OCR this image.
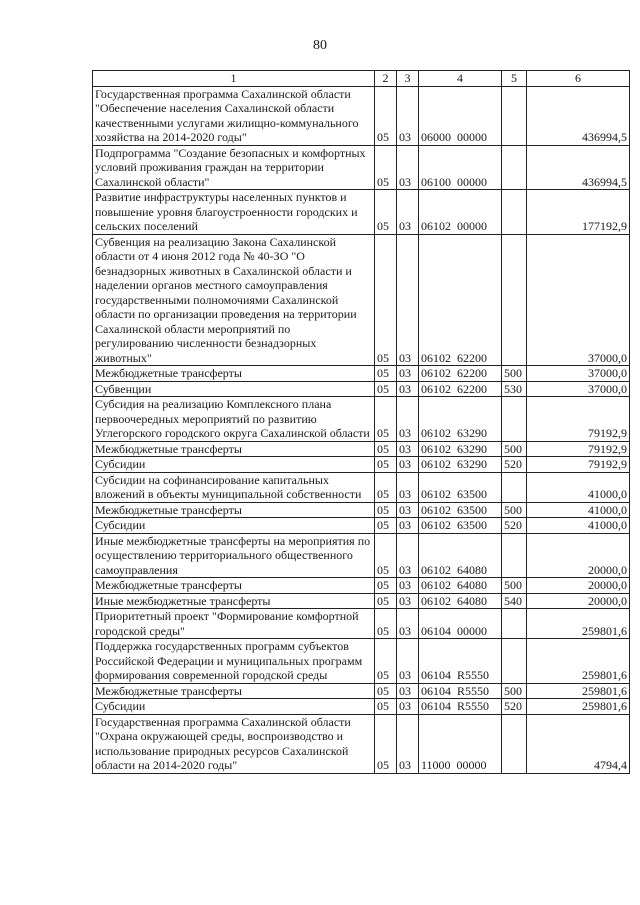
80
1	2	3	4	5	6
Государственная программа Сахалинской области "Обеспечение населения Сахалинской области качественными услугами жилищно-коммунального хозяйства на 2014-2020 годы"	05	03	06000  00000		436994,5
Подпрограмма "Создание безопасных и комфортных условий проживания граждан на территории Сахалинской области"	05	03	06100  00000		436994,5
Развитие инфраструктуры населенных пунктов и повышение уровня благоустроенности городских и сельских поселений	05	03	06102  00000		177192,9
Субвенция на реализацию Закона Сахалинской области от 4 июня 2012 года № 40-ЗО "О безнадзорных животных в Сахалинской области и наделении органов местного самоуправления государственными полномочиями Сахалинской области по организации проведения на территории Сахалинской области мероприятий по регулированию численности безнадзорных животных"	05	03	06102  62200		37000,0
Межбюджетные трансферты	05	03	06102  62200	500	37000,0
Субвенции	05	03	06102  62200	530	37000,0
Субсидия на реализацию Комплексного плана первоочередных мероприятий по развитию Углегорского городского округа Сахалинской области	05	03	06102  63290		79192,9
Межбюджетные трансферты	05	03	06102  63290	500	79192,9
Субсидии	05	03	06102  63290	520	79192,9
Субсидии на софинансирование капитальных вложений в объекты муниципальной собственности	05	03	06102  63500		41000,0
Межбюджетные трансферты	05	03	06102  63500	500	41000,0
Субсидии	05	03	06102  63500	520	41000,0
Иные межбюджетные трансферты на мероприятия по осуществлению территориального общественного самоуправления	05	03	06102  64080		20000,0
Межбюджетные трансферты	05	03	06102  64080	500	20000,0
Иные межбюджетные трансферты	05	03	06102  64080	540	20000,0
Приоритетный проект "Формирование комфортной городской среды"	05	03	06104  00000		259801,6
Поддержка государственных программ субъектов Российской Федерации и муниципальных программ формирования современной городской среды	05	03	06104  R5550		259801,6
Межбюджетные трансферты	05	03	06104  R5550	500	259801,6
Субсидии	05	03	06104  R5550	520	259801,6
Государственная программа Сахалинской области "Охрана окружающей среды, воспроизводство и использование природных ресурсов Сахалинской области на 2014-2020 годы"	05	03	11000  00000		4794,4
